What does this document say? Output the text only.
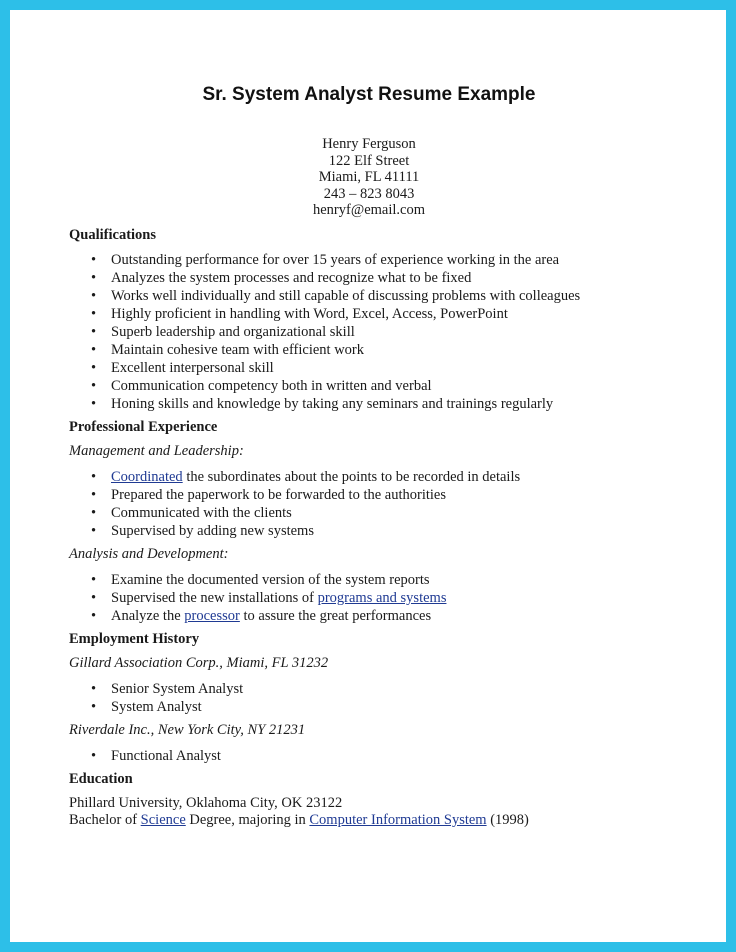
Sr. System Analyst Resume Example
Henry Ferguson
122 Elf Street
Miami, FL 41111
243 – 823 8043
henryf@email.com
Qualifications
• Outstanding performance for over 15 years of experience working in the area
• Analyzes the system processes and recognize what to be fixed
• Works well individually and still capable of discussing problems with colleagues
• Highly proficient in handling with Word, Excel, Access, PowerPoint
• Superb leadership and organizational skill
• Maintain cohesive team with efficient work
• Excellent interpersonal skill
• Communication competency both in written and verbal
• Honing skills and knowledge by taking any seminars and trainings regularly
Professional Experience
Management and Leadership:
• Coordinated the subordinates about the points to be recorded in details
• Prepared the paperwork to be forwarded to the authorities
• Communicated with the clients
• Supervised by adding new systems
Analysis and Development:
• Examine the documented version of the system reports
• Supervised the new installations of programs and systems
• Analyze the processor to assure the great performances
Employment History
Gillard Association Corp., Miami, FL 31232
• Senior System Analyst
• System Analyst
Riverdale Inc., New York City, NY 21231
• Functional Analyst
Education
Phillard University, Oklahoma City, OK 23122
Bachelor of Science Degree, majoring in Computer Information System (1998)
